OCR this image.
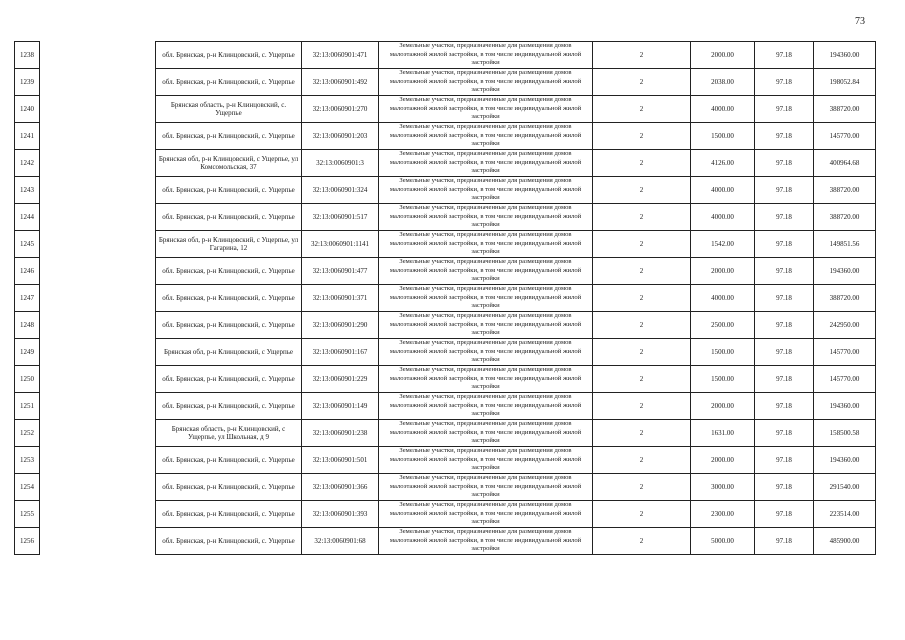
73
1238		обл. Брянская, р-н Клинцовский, с. Ущерпье	32:13:0060901:471	Земельные участки, предназначенные для размещения домов малоэтажной жилой застройки, в том числе индивидуальной жилой застройки	2	2000.00	97.18	194360.00
1239		обл. Брянская, р-н Клинцовский, с. Ущерпье	32:13:0060901:492	Земельные участки, предназначенные для размещения домов малоэтажной жилой застройки, в том числе индивидуальной жилой застройки	2	2038.00	97.18	198052.84
1240		Брянская область, р-н Клинцовский, с. Ущерпье	32:13:0060901:270	Земельные участки, предназначенные для размещения домов малоэтажной жилой застройки, в том числе индивидуальной жилой застройки	2	4000.00	97.18	388720.00
1241		обл. Брянская, р-н Клинцовский, с. Ущерпье	32:13:0060901:203	Земельные участки, предназначенные для размещения домов малоэтажной жилой застройки, в том числе индивидуальной жилой застройки	2	1500.00	97.18	145770.00
1242		Брянская обл, р-н Клинцовский, с Ущерпье, ул Комсомольская, 37	32:13:0060901:3	Земельные участки, предназначенные для размещения домов малоэтажной жилой застройки, в том числе индивидуальной жилой застройки	2	4126.00	97.18	400964.68
1243		обл. Брянская, р-н Клинцовский, с. Ущерпье	32:13:0060901:324	Земельные участки, предназначенные для размещения домов малоэтажной жилой застройки, в том числе индивидуальной жилой застройки	2	4000.00	97.18	388720.00
1244		обл. Брянская, р-н Клинцовский, с. Ущерпье	32:13:0060901:517	Земельные участки, предназначенные для размещения домов малоэтажной жилой застройки, в том числе индивидуальной жилой застройки	2	4000.00	97.18	388720.00
1245		Брянская обл, р-н Клинцовский, с Ущерпье, ул Гагарина, 12	32:13:0060901:1141	Земельные участки, предназначенные для размещения домов малоэтажной жилой застройки, в том числе индивидуальной жилой застройки	2	1542.00	97.18	149851.56
1246		обл. Брянская, р-н Клинцовский, с. Ущерпье	32:13:0060901:477	Земельные участки, предназначенные для размещения домов малоэтажной жилой застройки, в том числе индивидуальной жилой застройки	2	2000.00	97.18	194360.00
1247		обл. Брянская, р-н Клинцовский, с. Ущерпье	32:13:0060901:371	Земельные участки, предназначенные для размещения домов малоэтажной жилой застройки, в том числе индивидуальной жилой застройки	2	4000.00	97.18	388720.00
1248		обл. Брянская, р-н Клинцовский, с. Ущерпье	32:13:0060901:290	Земельные участки, предназначенные для размещения домов малоэтажной жилой застройки, в том числе индивидуальной жилой застройки	2	2500.00	97.18	242950.00
1249		Брянская обл, р-н Клинцовский, с Ущерпье	32:13:0060901:167	Земельные участки, предназначенные для размещения домов малоэтажной жилой застройки, в том числе индивидуальной жилой застройки	2	1500.00	97.18	145770.00
1250		обл. Брянская, р-н Клинцовский, с. Ущерпье	32:13:0060901:229	Земельные участки, предназначенные для размещения домов малоэтажной жилой застройки, в том числе индивидуальной жилой застройки	2	1500.00	97.18	145770.00
1251		обл. Брянская, р-н Клинцовский, с. Ущерпье	32:13:0060901:149	Земельные участки, предназначенные для размещения домов малоэтажной жилой застройки, в том числе индивидуальной жилой застройки	2	2000.00	97.18	194360.00
1252		Брянская область, р-н Клинцовский, с Ущерпье, ул Школьная, д 9	32:13:0060901:238	Земельные участки, предназначенные для размещения домов малоэтажной жилой застройки, в том числе индивидуальной жилой застройки	2	1631.00	97.18	158500.58
1253		обл. Брянская, р-н Клинцовский, с. Ущерпье	32:13:0060901:501	Земельные участки, предназначенные для размещения домов малоэтажной жилой застройки, в том числе индивидуальной жилой застройки	2	2000.00	97.18	194360.00
1254		обл. Брянская, р-н Клинцовский, с. Ущерпье	32:13:0060901:366	Земельные участки, предназначенные для размещения домов малоэтажной жилой застройки, в том числе индивидуальной жилой застройки	2	3000.00	97.18	291540.00
1255		обл. Брянская, р-н Клинцовский, с. Ущерпье	32:13:0060901:393	Земельные участки, предназначенные для размещения домов малоэтажной жилой застройки, в том числе индивидуальной жилой застройки	2	2300.00	97.18	223514.00
1256		обл. Брянская, р-н Клинцовский, с. Ущерпье	32:13:0060901:68	Земельные участки, предназначенные для размещения домов малоэтажной жилой застройки, в том числе индивидуальной жилой застройки	2	5000.00	97.18	485900.00
